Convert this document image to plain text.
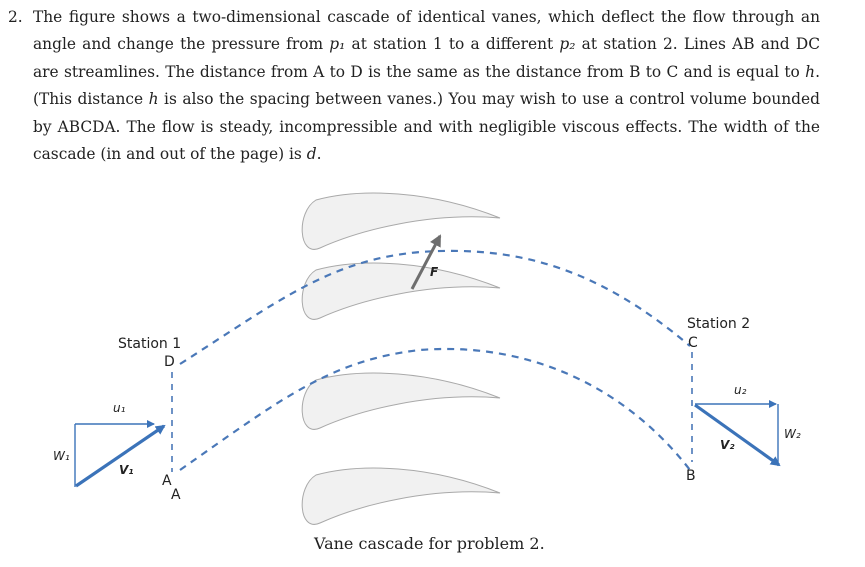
2. The figure shows a two-dimensional cascade of identical vanes, which deflect the flow through an angle and change the pressure from p₁ at station 1 to a different p₂ at station 2. Lines AB and DC are streamlines. The distance from A to D is the same as the distance from B to C and is equal to h. (This distance h is also the spacing between vanes.) You may wish to use a control volume bounded by ABCDA. The flow is steady, incompressible and with negligible viscous effects. The width of the cascade (in and out of the page) is d.
F
Station 1
D
A
A
Station 2
C
B
u₁
V₁
W₁
u₂
V₂
W₂
Vane cascade for problem 2.
